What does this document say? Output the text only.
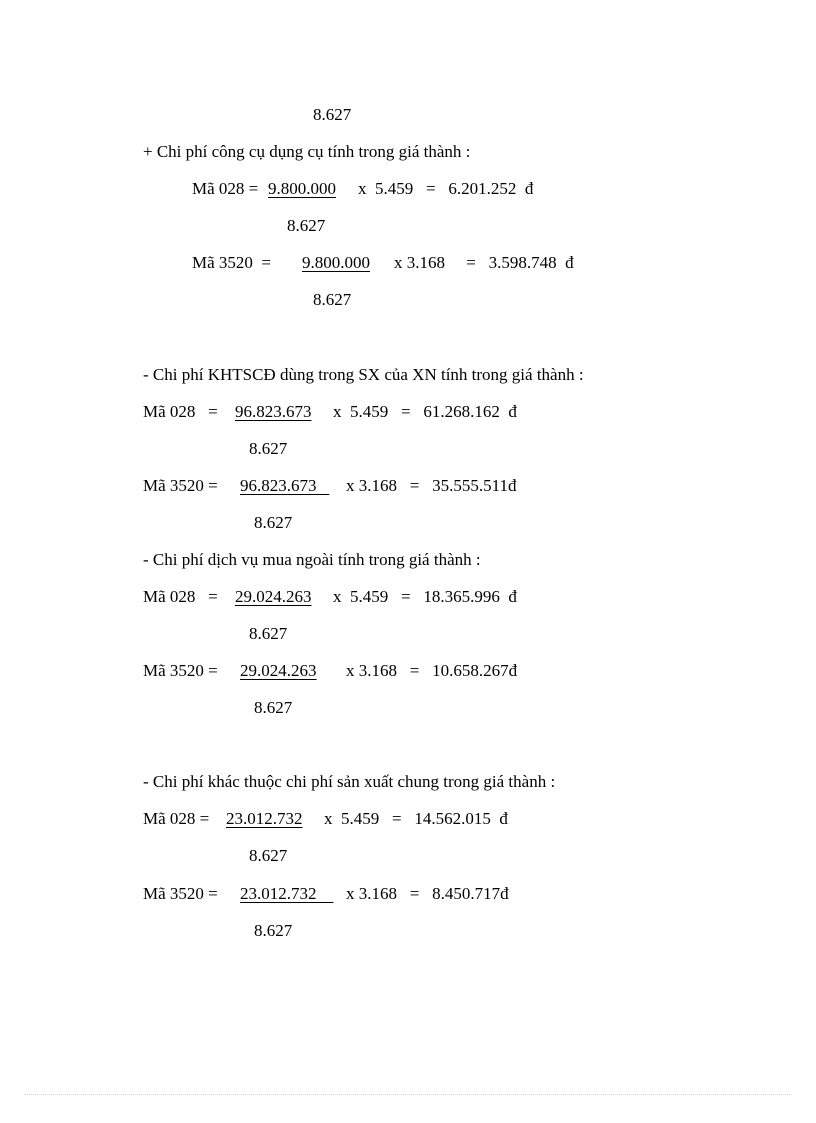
8.627
+ Chi phí công cụ dụng cụ tính trong giá thành :
Mã 028 = 9.800.000 x  5.459   =   6.201.252  đ
8.627
Mã 3520  = 9.800.000 x 3.168     =   3.598.748  đ
8.627
- Chi phí KHTSCĐ dùng trong SX của XN tính trong giá thành :
Mã 028   = 96.823.673 x  5.459   =   61.268.162  đ
8.627
Mã 3520 = 96.823.673 x 3.168   =   35.555.511đ
8.627
- Chi phí dịch vụ mua ngoài tính trong giá thành :
Mã 028   = 29.024.263 x  5.459   =   18.365.996  đ
8.627
Mã 3520 = 29.024.263 x 3.168   =   10.658.267đ
8.627
- Chi phí khác thuộc chi phí sản xuất chung trong giá thành :
Mã 028 = 23.012.732 x  5.459   =   14.562.015  đ
8.627
Mã 3520 = 23.012.732 x 3.168   =   8.450.717đ
8.627
